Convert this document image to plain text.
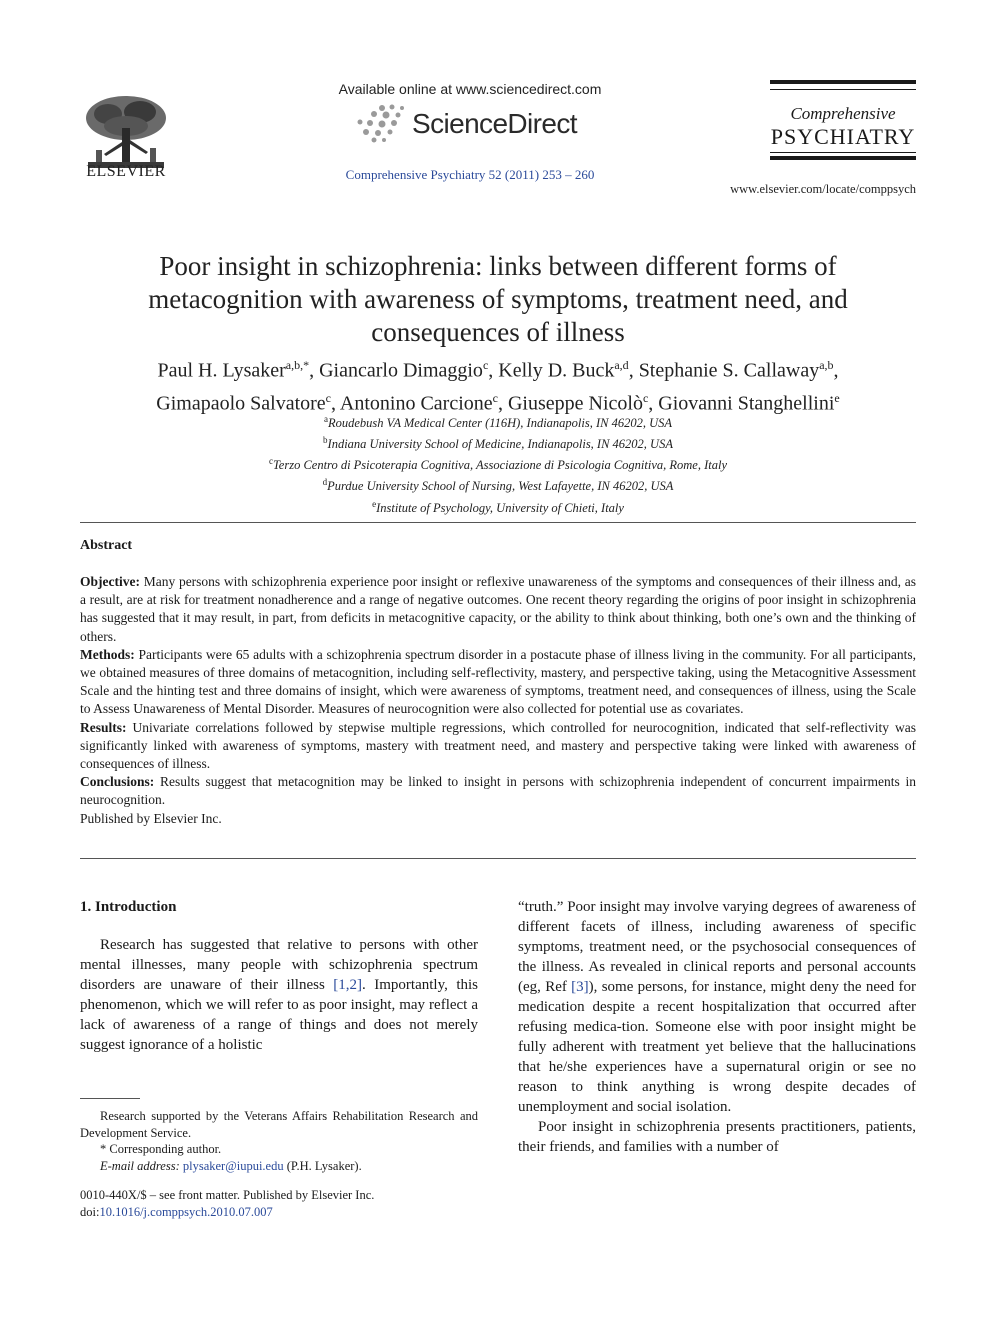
ELSEVIER
Available online at www.sciencedirect.com
ScienceDirect
Comprehensive Psychiatry 52 (2011) 253 – 260
Comprehensive
PSYCHIATRY
www.elsevier.com/locate/comppsych
Poor insight in schizophrenia: links between different forms of metacognition with awareness of symptoms, treatment need, and consequences of illness
Paul H. Lysaker$^{a,b,*}$, Giancarlo Dimaggio$^c$, Kelly D. Buck$^{a,d}$, Stephanie S. Callaway$^{a,b}$,
Gimapaolo Salvatore$^c$, Antonino Carcione$^c$, Giuseppe Nicolò$^c$, Giovanni Stanghellini$^e$
$^a$Roudebush VA Medical Center (116H), Indianapolis, IN 46202, USA
$^b$Indiana University School of Medicine, Indianapolis, IN 46202, USA
$^c$Terzo Centro di Psicoterapia Cognitiva, Associazione di Psicologia Cognitiva, Rome, Italy
$^d$Purdue University School of Nursing, West Lafayette, IN 46202, USA
$^e$Institute of Psychology, University of Chieti, Italy
Abstract

Objective: Many persons with schizophrenia experience poor insight or reflexive unawareness of the symptoms and consequences of their illness and, as a result, are at risk for treatment nonadherence and a range of negative outcomes. One recent theory regarding the origins of poor insight in schizophrenia has suggested that it may result, in part, from deficits in metacognitive capacity, or the ability to think about thinking, both one’s own and the thinking of others.

Methods: Participants were 65 adults with a schizophrenia spectrum disorder in a postacute phase of illness living in the community. For all participants, we obtained measures of three domains of metacognition, including self-reflectivity, mastery, and perspective taking, using the Metacognitive Assessment Scale and the hinting test and three domains of insight, which were awareness of symptoms, treatment need, and consequences of illness, using the Scale to Assess Unawareness of Mental Disorder. Measures of neurocognition were also collected for potential use as covariates.

Results: Univariate correlations followed by stepwise multiple regressions, which controlled for neurocognition, indicated that self-reflectivity was significantly linked with awareness of symptoms, mastery with treatment need, and mastery and perspective taking were linked with awareness of consequences of illness.

Conclusions: Results suggest that metacognition may be linked to insight in persons with schizophrenia independent of concurrent impairments in neurocognition.

Published by Elsevier Inc.

1. Introduction

Research has suggested that relative to persons with other mental illnesses, many people with schizophrenia spectrum disorders are unaware of their illness [1,2]. Importantly, this phenomenon, which we will refer to as poor insight, may reflect a lack of awareness of a range of things and does not merely suggest ignorance of a holistic

“truth.” Poor insight may involve varying degrees of awareness of different facets of illness, including awareness of specific symptoms, treatment need, or the psychosocial consequences of the illness. As revealed in clinical reports and personal accounts (eg, Ref [3]), some persons, for instance, might deny the need for medication despite a recent hospitalization that occurred after refusing medica-tion. Someone else with poor insight might be fully adherent with treatment yet believe that the hallucinations that he/she experiences have a supernatural origin or see no reason to think anything is wrong despite decades of unemployment and social isolation.

Poor insight in schizophrenia presents practitioners, patients, their friends, and families with a number of

Research supported by the Veterans Affairs Rehabilitation Research and Development Service.

* Corresponding author.

E-mail address: plysaker@iupui.edu (P.H. Lysaker).

0010-440X/$ – see front matter. Published by Elsevier Inc.
doi:10.1016/j.comppsych.2010.07.007
